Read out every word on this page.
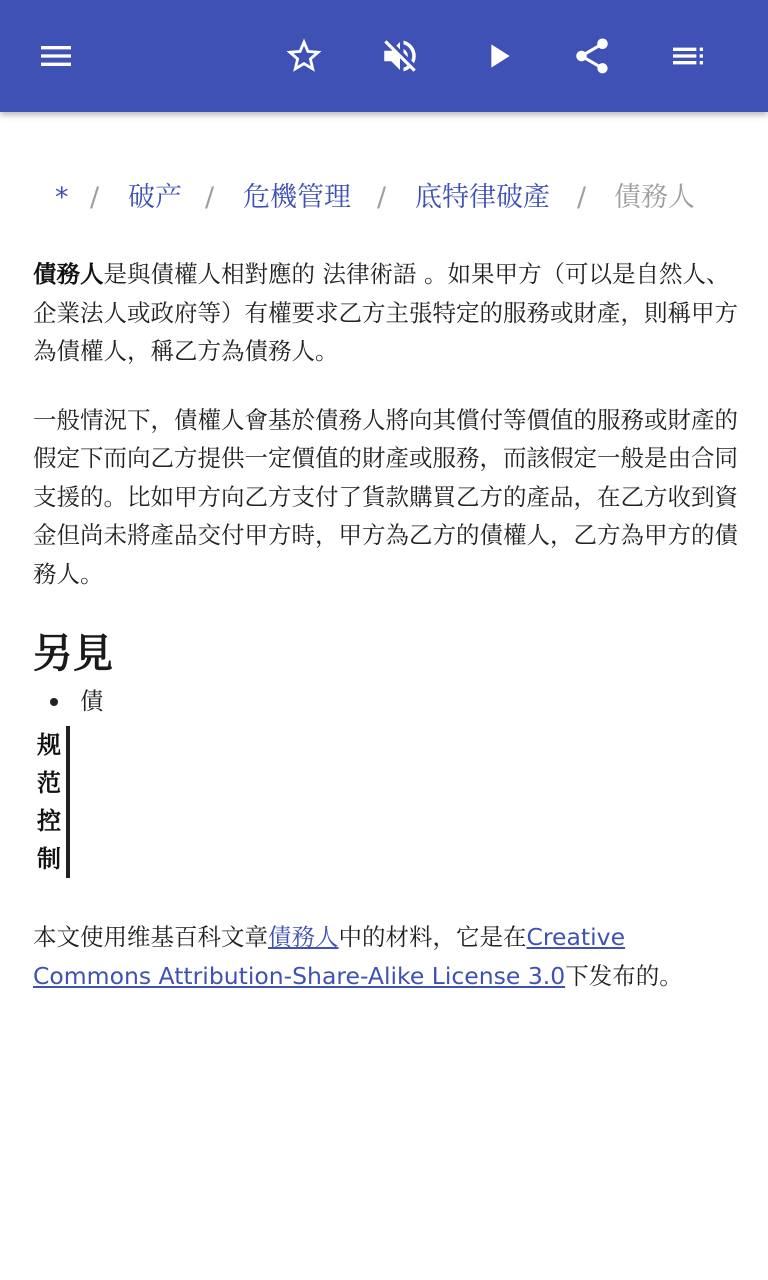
* / 破产 / 危機管理 / 底特律破產 / 債務人

債務人是與債權人相對應的 法律術語 。如果甲方（可以是自然人、企業法人或政府等）有權要求乙方主張特定的服務或財產，則稱甲方為債權人，稱乙方為債務人。

一般情況下，債權人會基於債務人將向其償付等價值的服務或財產的假定下而向乙方提供一定價值的財產或服務，而該假定一般是由合同支援的。比如甲方向乙方支付了貨款購買乙方的產品，在乙方收到資金但尚未將產品交付甲方時，甲方為乙方的債權人，乙方為甲方的債務人。

另見
債
规
范
控
制
本文使用维基百科文章債務人中的材料，它是在Creative Commons Attribution-Share-Alike License 3.0下发布的。
